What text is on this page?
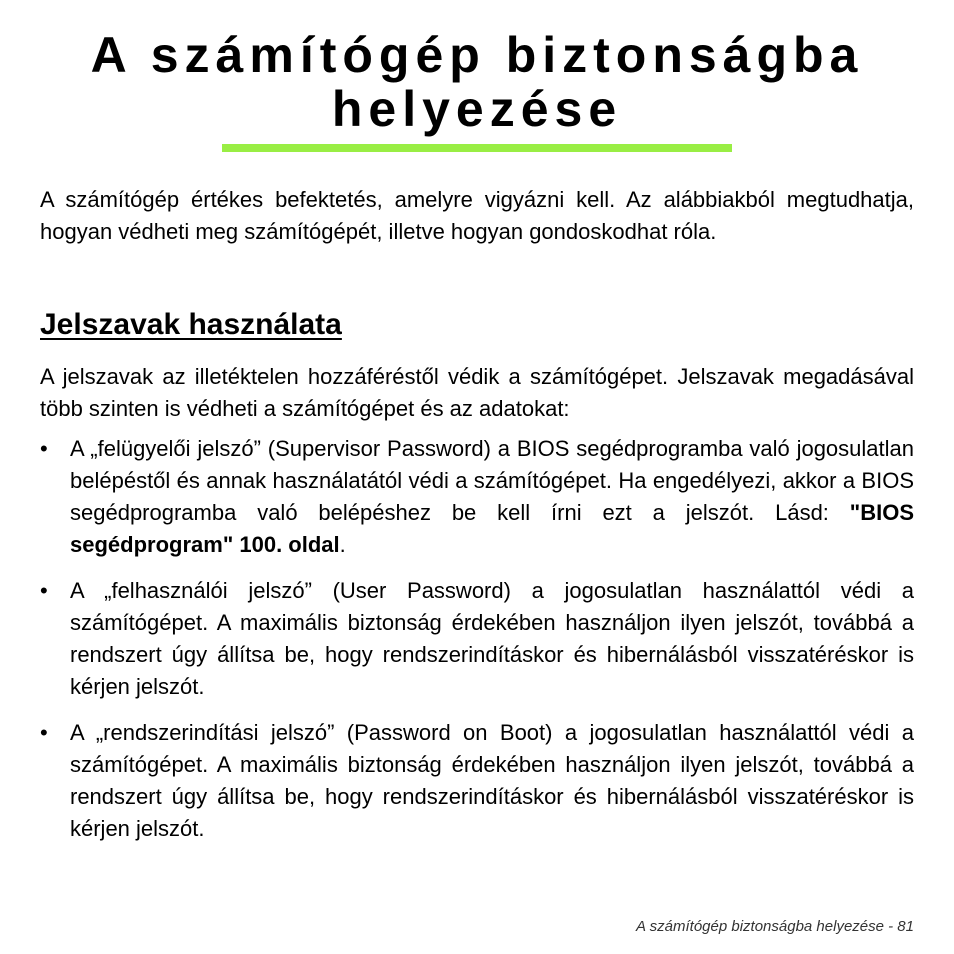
A számítógép biztonságba helyezése

A számítógép értékes befektetés, amelyre vigyázni kell. Az alábbiakból megtudhatja, hogyan védheti meg számítógépét, illetve hogyan gondoskodhat róla.

Jelszavak használata

A jelszavak az illetéktelen hozzáféréstől védik a számítógépet. Jelszavak megadásával több szinten is védheti a számítógépet és az adatokat:

• A „felügyelői jelszó” (Supervisor Password) a BIOS segédprogramba való jogosulatlan belépéstől és annak használatától védi a számítógépet. Ha engedélyezi, akkor a BIOS segédprogramba való belépéshez be kell írni ezt a jelszót. Lásd: "BIOS segédprogram" 100. oldal.
• A „felhasználói jelszó” (User Password) a jogosulatlan használattól védi a számítógépet. A maximális biztonság érdekében használjon ilyen jelszót, továbbá a rendszert úgy állítsa be, hogy rendszerindításkor és hibernálásból visszatéréskor is kérjen jelszót.
• A „rendszerindítási jelszó” (Password on Boot) a jogosulatlan használattól védi a számítógépet. A maximális biztonság érdekében használjon ilyen jelszót, továbbá a rendszert úgy állítsa be, hogy rendszerindításkor és hibernálásból visszatéréskor is kérjen jelszót.
A számítógép biztonságba helyezése - 81
